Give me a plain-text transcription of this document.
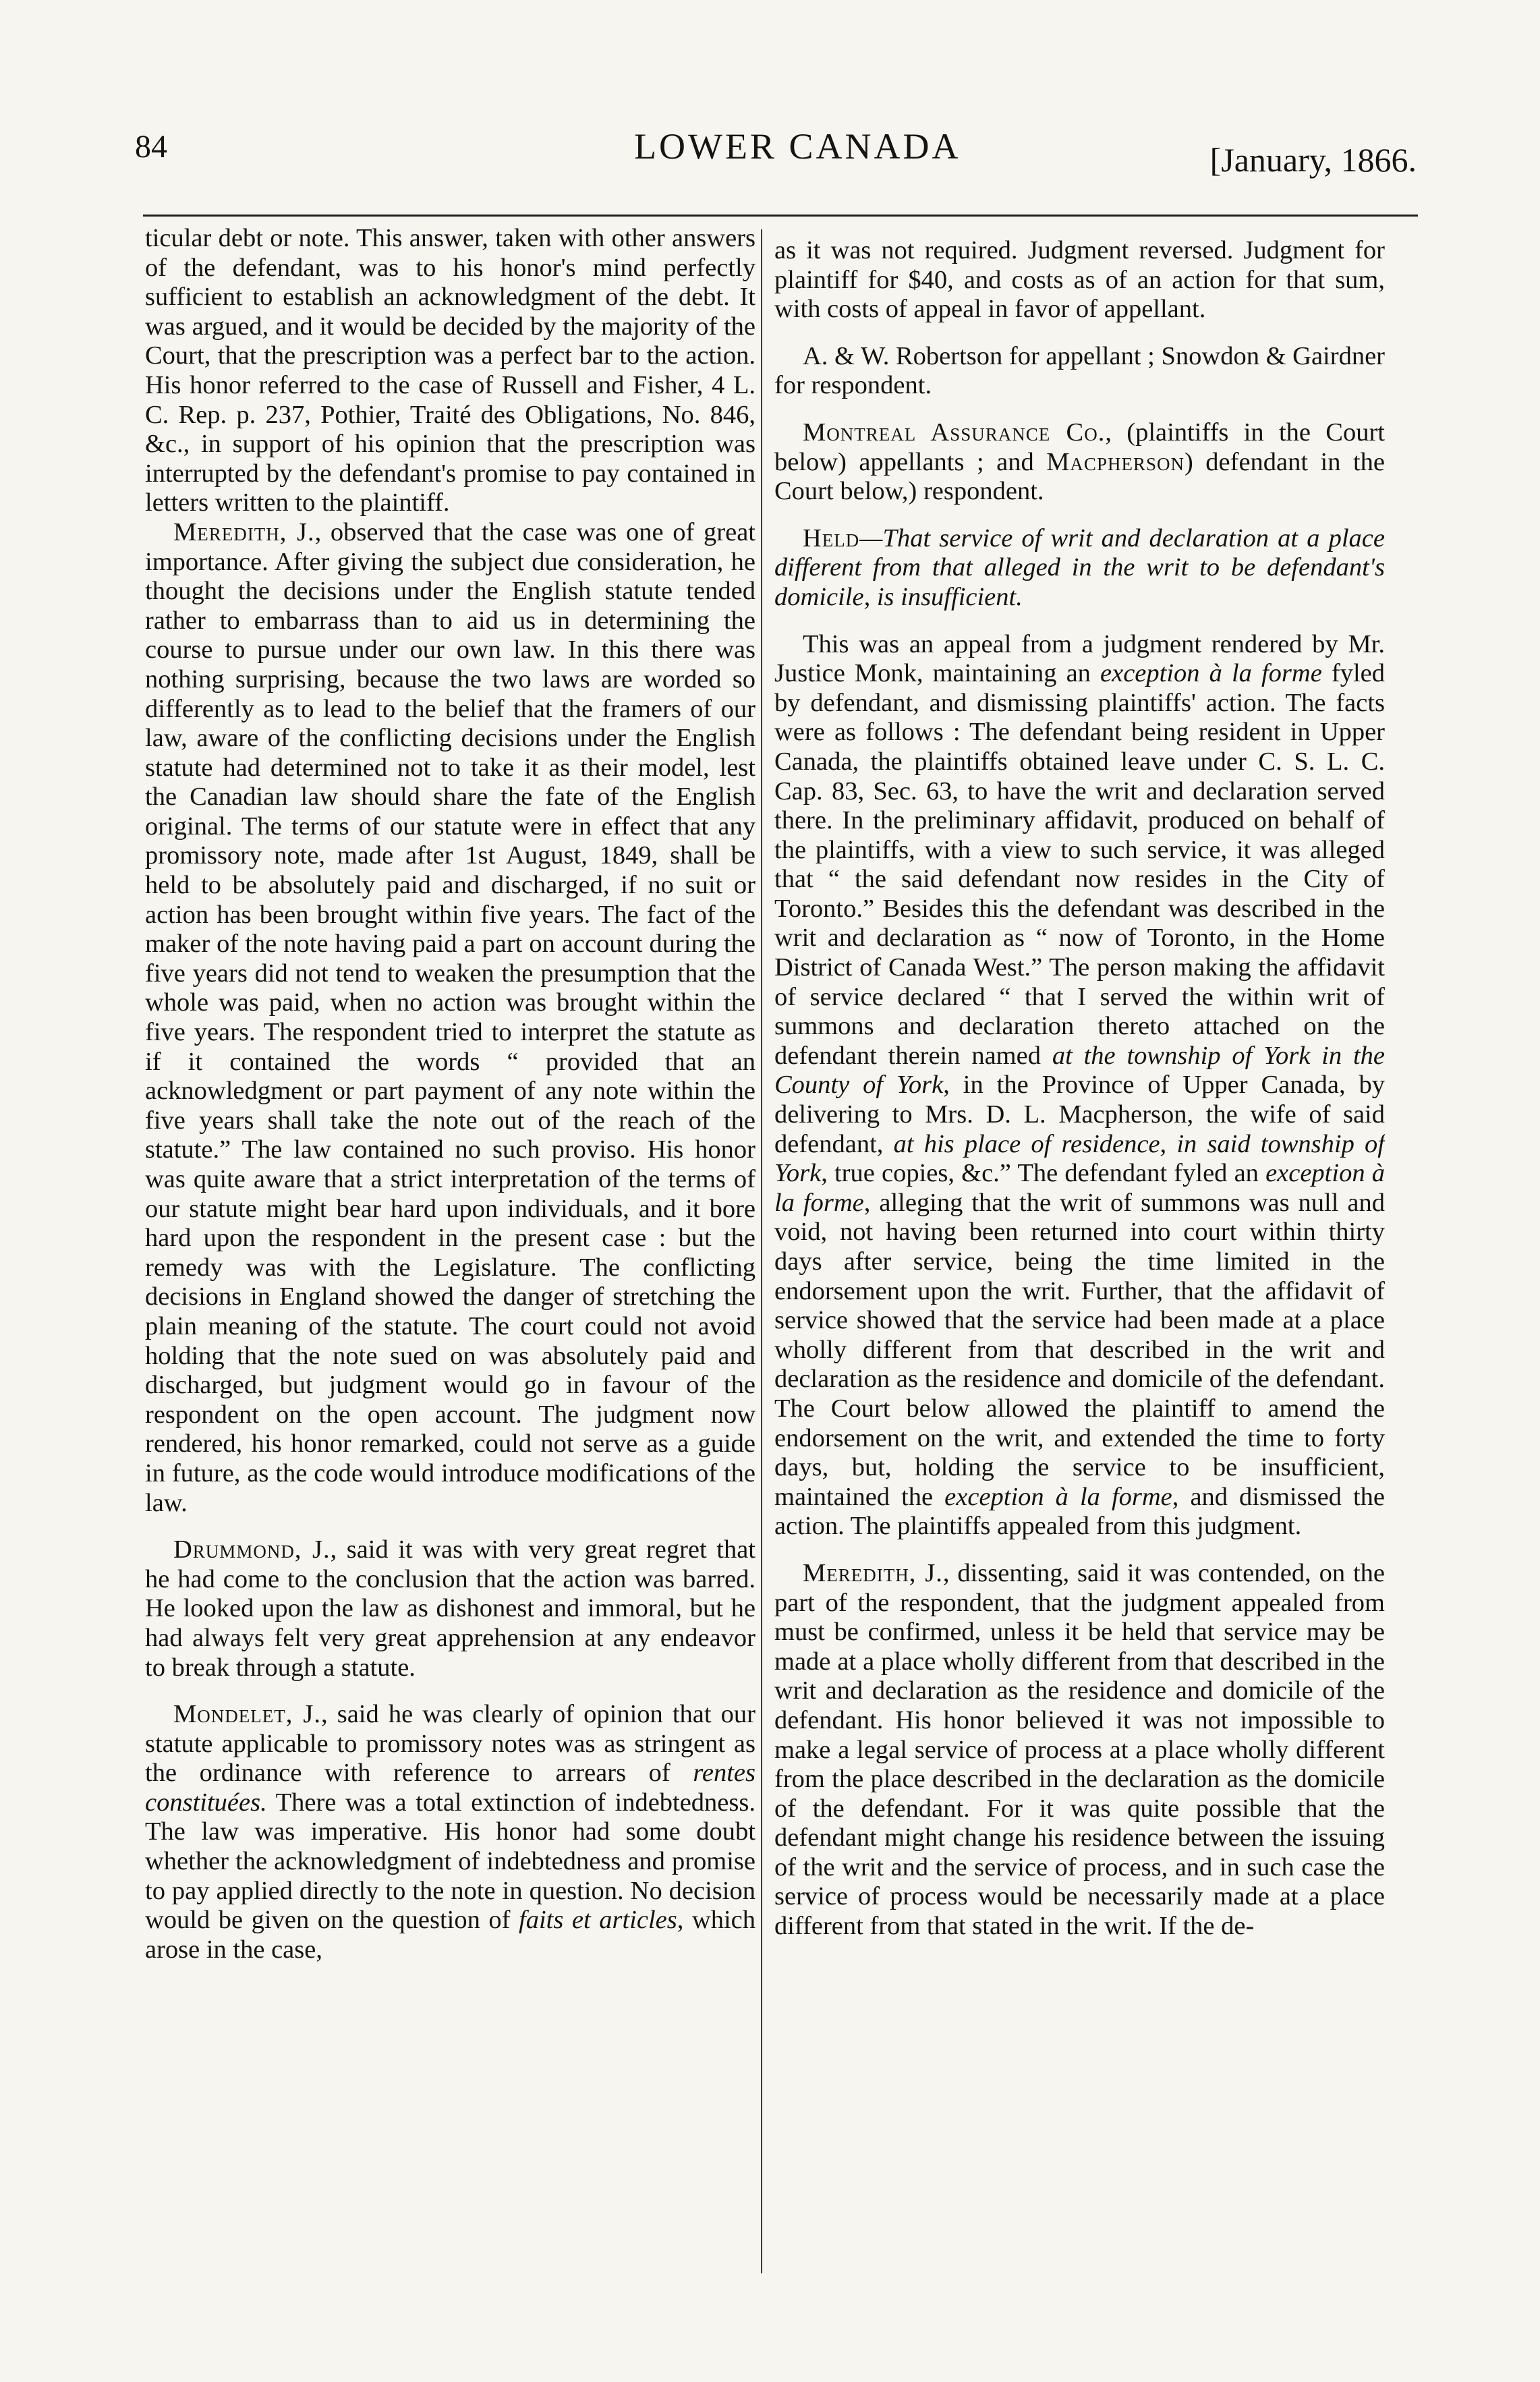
84	LOWER CANADA	[January, 1866.

ticular debt or note. This answer, taken with other answers of the defendant, was to his honor's mind perfectly sufficient to establish an acknowledgment of the debt. It was argued, and it would be decided by the majority of the Court, that the prescription was a perfect bar to the action. His honor referred to the case of Russell and Fisher, 4 L. C. Rep. p. 237, Pothier, Traité des Obligations, No. 846, &c., in support of his opinion that the prescription was interrupted by the defendant's promise to pay contained in letters written to the plaintiff.

Meredith, J., observed that the case was one of great importance. After giving the subject due consideration, he thought the decisions under the English statute tended rather to embarrass than to aid us in determining the course to pursue under our own law. In this there was nothing surprising, because the two laws are worded so differently as to lead to the belief that the framers of our law, aware of the conflicting decisions under the English statute had determined not to take it as their model, lest the Canadian law should share the fate of the English original. The terms of our statute were in effect that any promissory note, made after 1st August, 1849, shall be held to be absolutely paid and discharged, if no suit or action has been brought within five years. The fact of the maker of the note having paid a part on account during the five years did not tend to weaken the presumption that the whole was paid, when no action was brought within the five years. The respondent tried to interpret the statute as if it contained the words “ provided that an acknowledgment or part payment of any note within the five years shall take the note out of the reach of the statute.” The law contained no such proviso. His honor was quite aware that a strict interpretation of the terms of our statute might bear hard upon individuals, and it bore hard upon the respondent in the present case : but the remedy was with the Legislature. The conflicting decisions in England showed the danger of stretching the plain meaning of the statute. The court could not avoid holding that the note sued on was absolutely paid and discharged, but judgment would go in favour of the respondent on the open account. The judgment now rendered, his honor remarked, could not serve as a guide in future, as the code would introduce modifications of the law.

Drummond, J., said it was with very great regret that he had come to the conclusion that the action was barred. He looked upon the law as dishonest and immoral, but he had always felt very great apprehension at any endeavor to break through a statute.

Mondelet, J., said he was clearly of opinion that our statute applicable to promissory notes was as stringent as the ordinance with reference to arrears of rentes constituées. There was a total extinction of indebtedness. The law was imperative. His honor had some doubt whether the acknowledgment of indebtedness and promise to pay applied directly to the note in question. No decision would be given on the question of faits et articles, which arose in the case,

as it was not required. Judgment reversed. Judgment for plaintiff for $40, and costs as of an action for that sum, with costs of appeal in favor of appellant.

A. & W. Robertson for appellant ; Snowdon & Gairdner for respondent.

Montreal Assurance Co., (plaintiffs in the Court below) appellants ; and Macpherson) defendant in the Court below,) respondent.

Held—That service of writ and declaration at a place different from that alleged in the writ to be defendant's domicile, is insufficient.

This was an appeal from a judgment rendered by Mr. Justice Monk, maintaining an exception à la forme fyled by defendant, and dismissing plaintiffs' action. The facts were as follows : The defendant being resident in Upper Canada, the plaintiffs obtained leave under C. S. L. C. Cap. 83, Sec. 63, to have the writ and declaration served there. In the preliminary affidavit, produced on behalf of the plaintiffs, with a view to such service, it was alleged that “ the said defendant now resides in the City of Toronto.” Besides this the defendant was described in the writ and declaration as “ now of Toronto, in the Home District of Canada West.” The person making the affidavit of service declared “ that I served the within writ of summons and declaration thereto attached on the defendant therein named at the township of York in the County of York, in the Province of Upper Canada, by delivering to Mrs. D. L. Macpherson, the wife of said defendant, at his place of residence, in said township of York, true copies, &c.” The defendant fyled an exception à la forme, alleging that the writ of summons was null and void, not having been returned into court within thirty days after service, being the time limited in the endorsement upon the writ. Further, that the affidavit of service showed that the service had been made at a place wholly different from that described in the writ and declaration as the residence and domicile of the defendant. The Court below allowed the plaintiff to amend the endorsement on the writ, and extended the time to forty days, but, holding the service to be insufficient, maintained the exception à la forme, and dismissed the action. The plaintiffs appealed from this judgment.

Meredith, J., dissenting, said it was contended, on the part of the respondent, that the judgment appealed from must be confirmed, unless it be held that service may be made at a place wholly different from that described in the writ and declaration as the residence and domicile of the defendant. His honor believed it was not impossible to make a legal service of process at a place wholly different from the place described in the declaration as the domicile of the defendant. For it was quite possible that the defendant might change his residence between the issuing of the writ and the service of process, and in such case the service of process would be necessarily made at a place different from that stated in the writ. If the de-
